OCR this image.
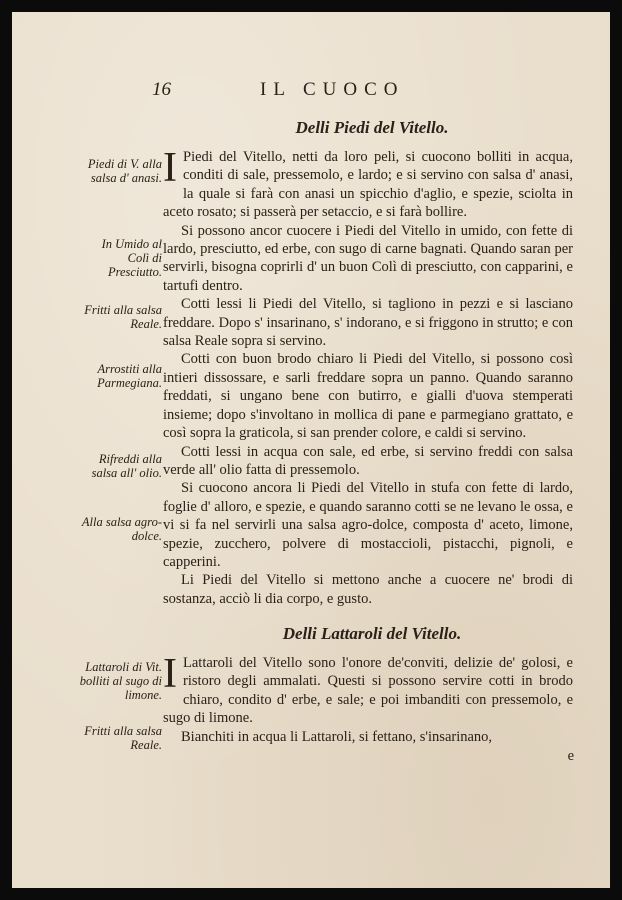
16	IL CUOCO
Delli Piedi del Vitello.

I Piedi del Vitello, netti da loro peli, si cuocono bolliti in acqua, conditi di sale, pressemolo, e lardo; e si servino con salsa d' anasi, la quale si farà con anasi un spicchio d'aglio, e spezie, sciolta in aceto rosato; si passerà per setaccio, e si farà bollire.

Si possono ancor cuocere i Piedi del Vitello in umido, con fette di lardo, presciutto, ed erbe, con sugo di carne bagnati. Quando saran per servirli, bisogna coprirli d' un buon Colì di presciutto, con capparini, e tartufi dentro.

Cotti lessi li Piedi del Vitello, si tagliono in pezzi e si lasciano freddare. Dopo s' insarinano, s' indorano, e si friggono in strutto; e con salsa Reale sopra si servino.

Cotti con buon brodo chiaro li Piedi del Vitello, si possono così intieri dissossare, e sarli freddare sopra un panno. Quando saranno freddati, si ungano bene con butirro, e gialli d'uova stemperati insieme; dopo s'involtano in mollica di pane e parmegiano grattato, e così sopra la graticola, si san prender colore, e caldi si servino.

Cotti lessi in acqua con sale, ed erbe, si servino freddi con salsa verde all' olio fatta di pressemolo.

Si cuocono ancora li Piedi del Vitello in stufa con fette di lardo, foglie d' alloro, e spezie, e quando saranno cotti se ne levano le ossa, e vi si fa nel servirli una salsa agro-dolce, composta d' aceto, limone, spezie, zucchero, polvere di mostaccioli, pistacchi, pignoli, e capperini.

Li Piedi del Vitello si mettono anche a cuocere ne' brodi di sostanza, acciò li dia corpo, e gusto.

Delli Lattaroli del Vitello.

I Lattaroli del Vitello sono l'onore de'conviti, delizie de' golosi, e ristoro degli ammalati. Questi si possono servire cotti in brodo chiaro, condito d' erbe, e sale; e poi imbanditi con pressemolo, e sugo di limone.

Bianchiti in acqua li Lattaroli, si fettano, s'insarinano,

e
Piedi di V. alla salsa d' anasi.
In Umido al Colì di Presciutto.
Fritti alla salsa Reale.
Arrostiti alla Parmegiana.
Rifreddi alla salsa all' olio.
Alla salsa agro-dolce.
Lattaroli di Vit. bolliti al sugo di limone.
Fritti alla salsa Reale.
